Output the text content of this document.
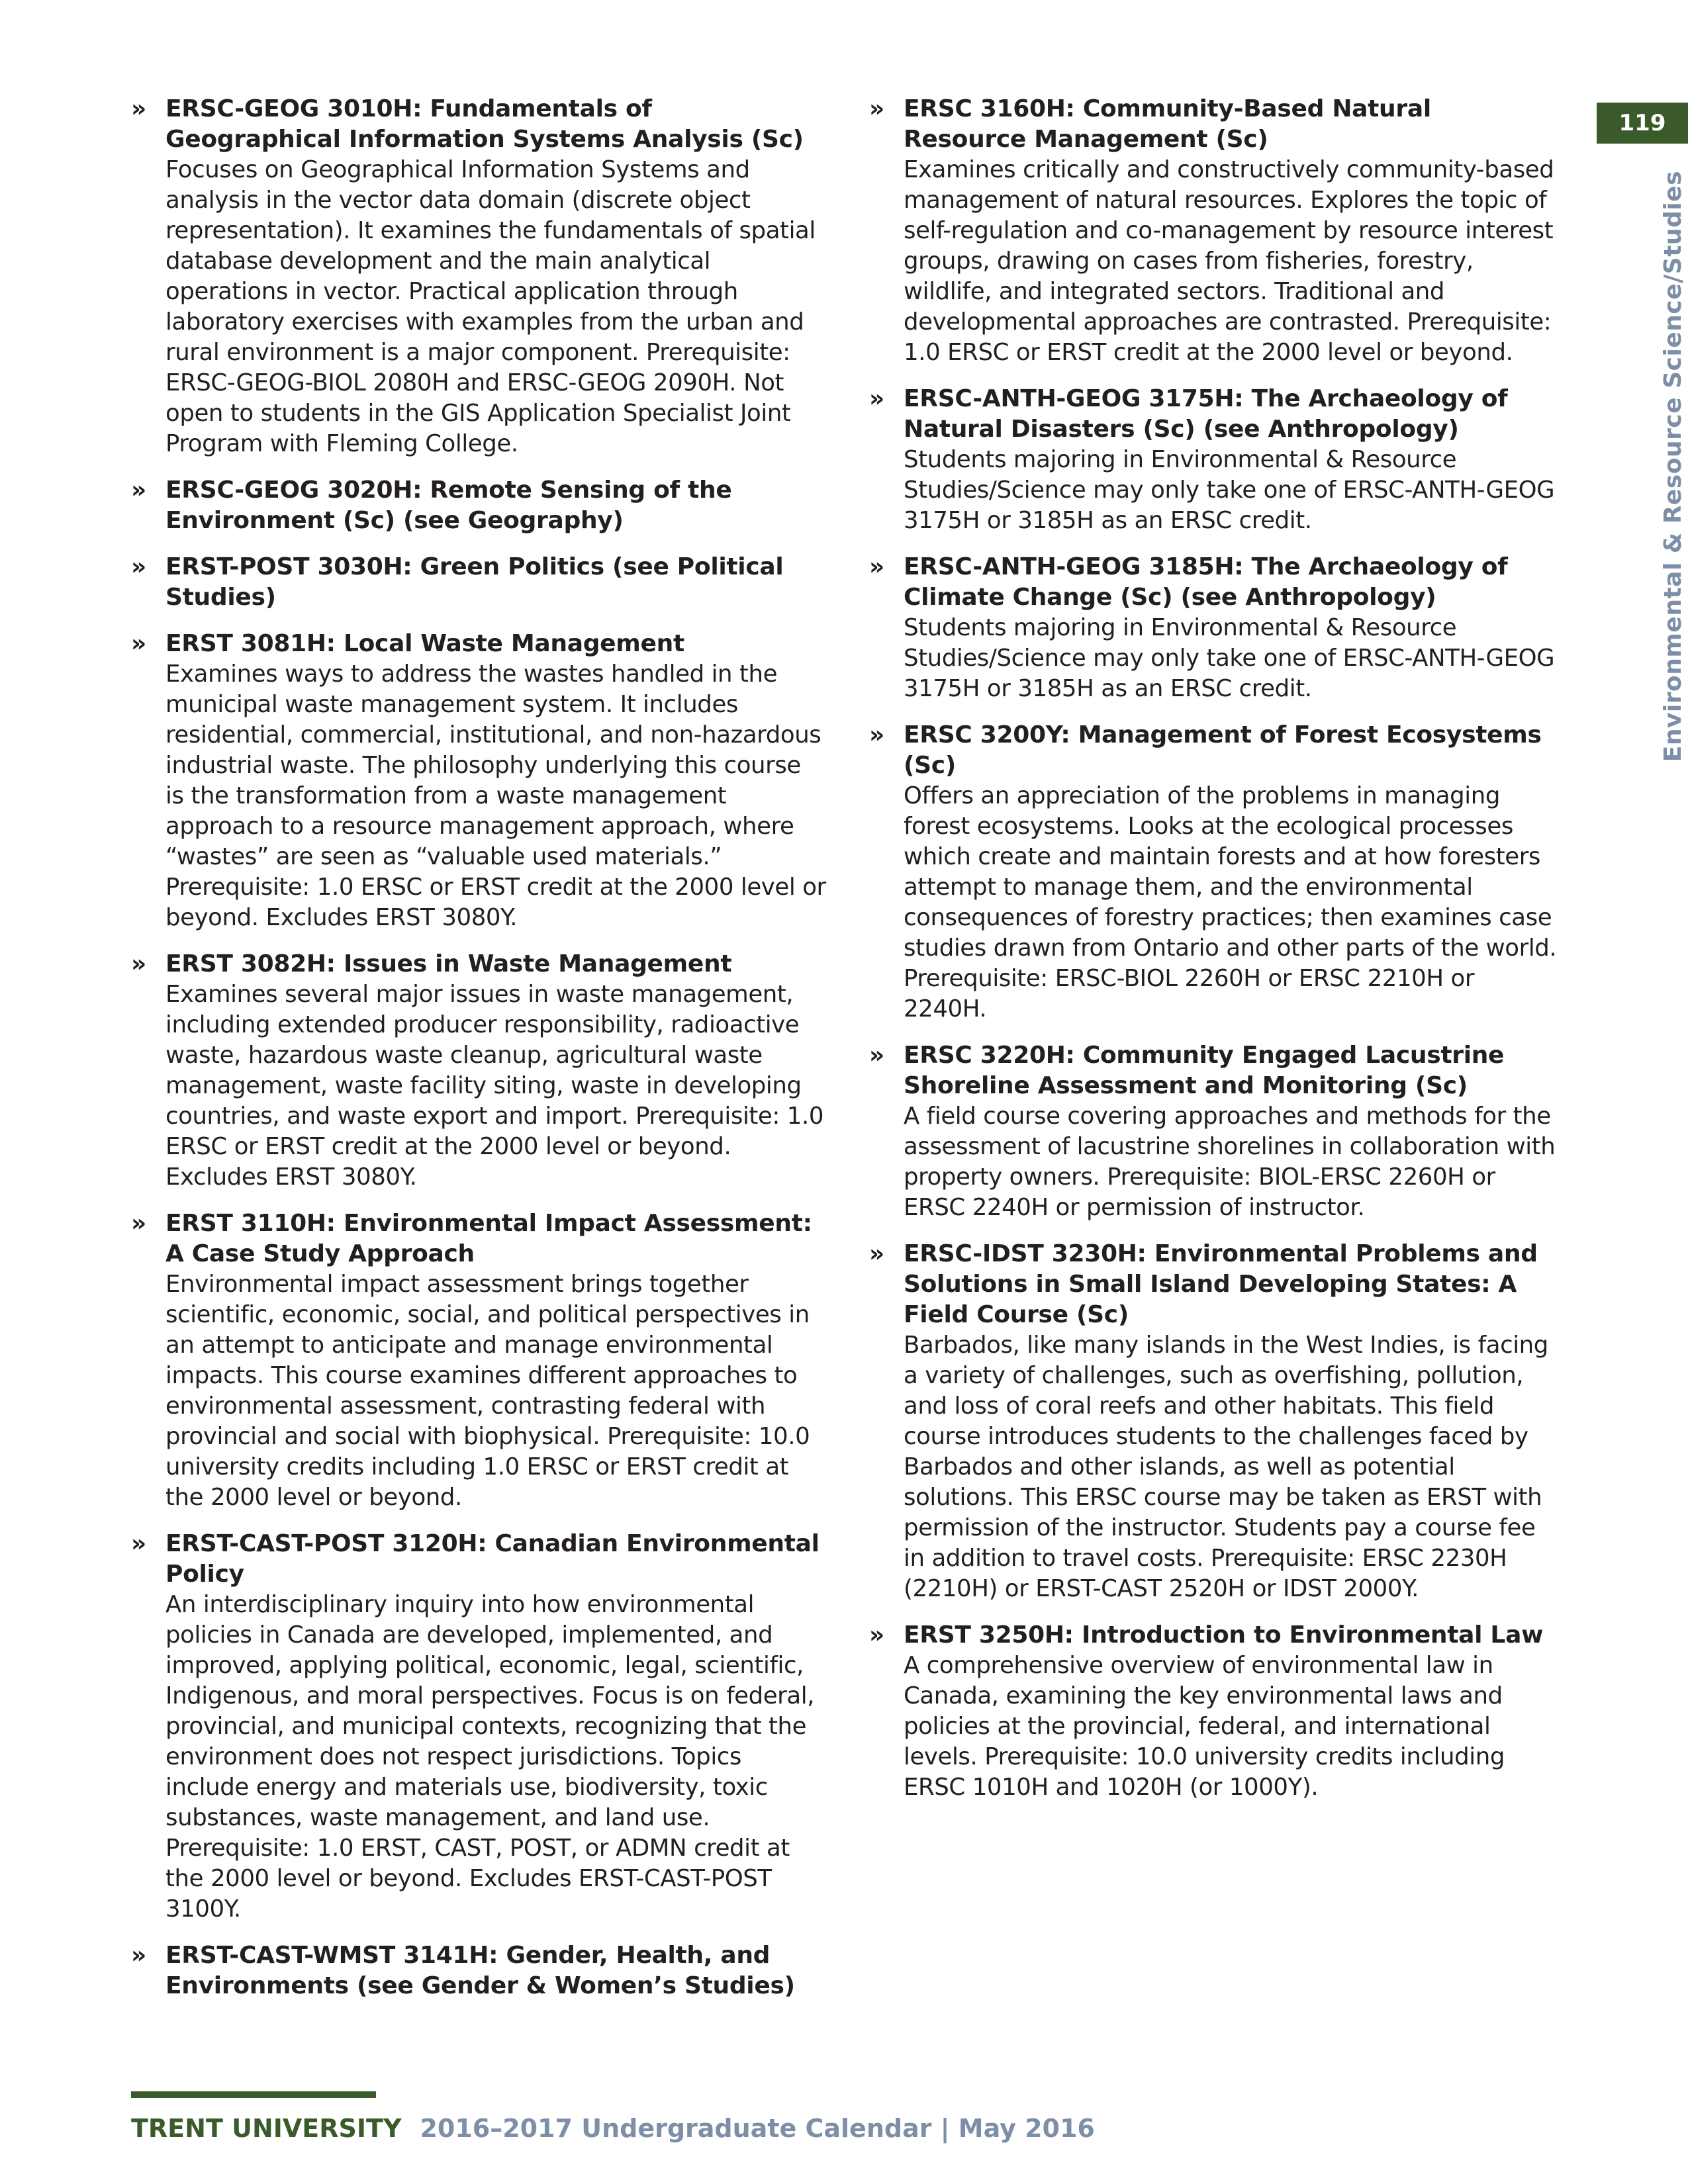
» ERSC-GEOG 3010H: Fundamentals of Geographical Information Systems Analysis (Sc)
Focuses on Geographical Information Systems and analysis in the vector data domain (discrete object representation). It examines the fundamentals of spatial database development and the main analytical operations in vector. Practical application through laboratory exercises with examples from the urban and rural environment is a major component. Prerequisite: ERSC-GEOG-BIOL 2080H and ERSC-GEOG 2090H. Not open to students in the GIS Application Specialist Joint Program with Fleming College.
» ERSC-GEOG 3020H: Remote Sensing of the Environment (Sc) (see Geography)
» ERST-POST 3030H: Green Politics (see Political Studies)
» ERST 3081H: Local Waste Management
Examines ways to address the wastes handled in the municipal waste management system. It includes residential, commercial, institutional, and non-hazardous industrial waste. The philosophy underlying this course is the transformation from a waste management approach to a resource management approach, where “wastes” are seen as “valuable used materials.” Prerequisite: 1.0 ERSC or ERST credit at the 2000 level or beyond. Excludes ERST 3080Y.
» ERST 3082H: Issues in Waste Management
Examines several major issues in waste management, including extended producer responsibility, radioactive waste, hazardous waste cleanup, agricultural waste management, waste facility siting, waste in developing countries, and waste export and import. Prerequisite: 1.0 ERSC or ERST credit at the 2000 level or beyond. Excludes ERST 3080Y.
» ERST 3110H: Environmental Impact Assessment: A Case Study Approach
Environmental impact assessment brings together scientific, economic, social, and political perspectives in an attempt to anticipate and manage environmental impacts. This course examines different approaches to environmental assessment, contrasting federal with provincial and social with biophysical. Prerequisite: 10.0 university credits including 1.0 ERSC or ERST credit at the 2000 level or beyond.
» ERST-CAST-POST 3120H: Canadian Environmental Policy
An interdisciplinary inquiry into how environmental policies in Canada are developed, implemented, and improved, applying political, economic, legal, scientific, Indigenous, and moral perspectives. Focus is on federal, provincial, and municipal contexts, recognizing that the environment does not respect jurisdictions. Topics include energy and materials use, biodiversity, toxic substances, waste management, and land use. Prerequisite: 1.0 ERST, CAST, POST, or ADMN credit at the 2000 level or beyond. Excludes ERST-CAST-POST 3100Y.
» ERST-CAST-WMST 3141H: Gender, Health, and Environments (see Gender & Women’s Studies)
» ERSC 3160H: Community-Based Natural Resource Management (Sc)
Examines critically and constructively community-based management of natural resources. Explores the topic of self-regulation and co-management by resource interest groups, drawing on cases from fisheries, forestry, wildlife, and integrated sectors. Traditional and developmental approaches are contrasted. Prerequisite: 1.0 ERSC or ERST credit at the 2000 level or beyond.
» ERSC-ANTH-GEOG 3175H: The Archaeology of Natural Disasters (Sc) (see Anthropology)
Students majoring in Environmental & Resource Studies/Science may only take one of ERSC-ANTH-GEOG 3175H or 3185H as an ERSC credit.
» ERSC-ANTH-GEOG 3185H: The Archaeology of Climate Change (Sc) (see Anthropology)
Students majoring in Environmental & Resource Studies/Science may only take one of ERSC-ANTH-GEOG 3175H or 3185H as an ERSC credit.
» ERSC 3200Y: Management of Forest Ecosystems (Sc)
Offers an appreciation of the problems in managing forest ecosystems. Looks at the ecological processes which create and maintain forests and at how foresters attempt to manage them, and the environmental consequences of forestry practices; then examines case studies drawn from Ontario and other parts of the world. Prerequisite: ERSC-BIOL 2260H or ERSC 2210H or 2240H.
» ERSC 3220H: Community Engaged Lacustrine Shoreline Assessment and Monitoring (Sc)
A field course covering approaches and methods for the assessment of lacustrine shorelines in collaboration with property owners. Prerequisite: BIOL-ERSC 2260H or ERSC 2240H or permission of instructor.
» ERSC-IDST 3230H: Environmental Problems and Solutions in Small Island Developing States: A Field Course (Sc)
Barbados, like many islands in the West Indies, is facing a variety of challenges, such as overfishing, pollution, and loss of coral reefs and other habitats. This field course introduces students to the challenges faced by Barbados and other islands, as well as potential solutions. This ERSC course may be taken as ERST with permission of the instructor. Students pay a course fee in addition to travel costs. Prerequisite: ERSC 2230H (2210H) or ERST-CAST 2520H or IDST 2000Y.
» ERST 3250H: Introduction to Environmental Law
A comprehensive overview of environmental law in Canada, examining the key environmental laws and policies at the provincial, federal, and international levels. Prerequisite: 10.0 university credits including ERSC 1010H and 1020H (or 1000Y).
119
Environmental & Resource Science/Studies
TRENT UNIVERSITY 2016–2017 Undergraduate Calendar | May 2016
